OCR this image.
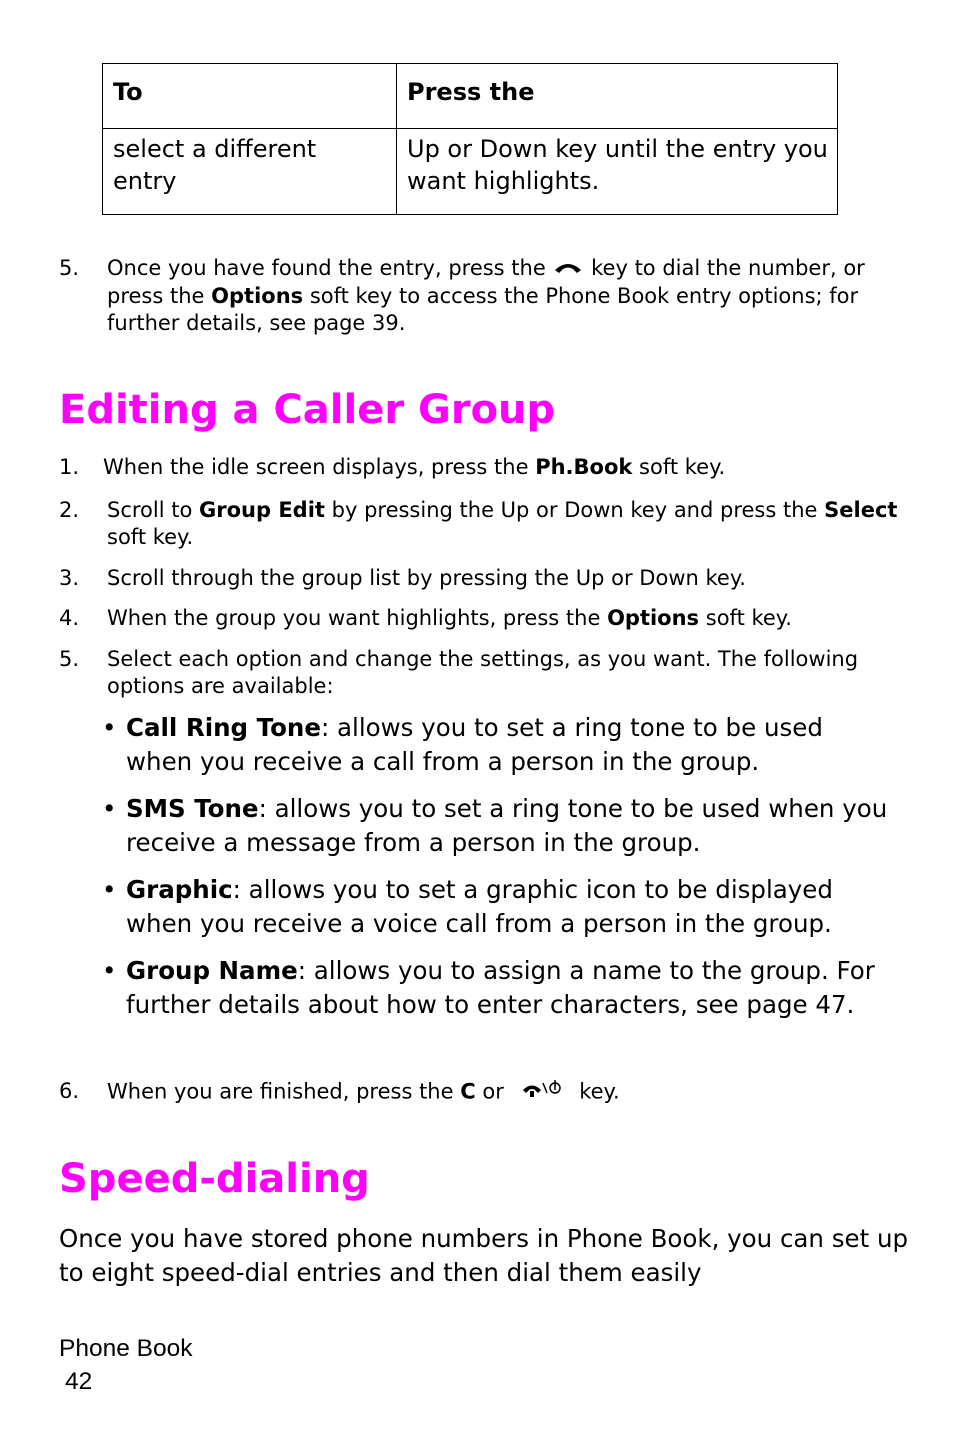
To	Press the
select a different entry	Up or Down key until the entry you want highlights.
5. Once you have found the entry, press the key to dial the number, or press the Options soft key to access the Phone Book entry options; for further details, see page 39.
Editing a Caller Group
1. When the idle screen displays, press the Ph.Book soft key.
2. Scroll to Group Edit by pressing the Up or Down key and press the Select soft key.
3. Scroll through the group list by pressing the Up or Down key.
4. When the group you want highlights, press the Options soft key.
5. Select each option and change the settings, as you want. The following options are available:
• Call Ring Tone: allows you to set a ring tone to be used when you receive a call from a person in the group.
• SMS Tone: allows you to set a ring tone to be used when you receive a message from a person in the group.
• Graphic: allows you to set a graphic icon to be displayed when you receive a voice call from a person in the group.
• Group Name: allows you to assign a name to the group. For further details about how to enter characters, see page 47.
6. When you are finished, press the C or	key.
Speed-dialing
Once you have stored phone numbers in Phone Book, you can set up to eight speed-dial entries and then dial them easily
Phone Book
42
